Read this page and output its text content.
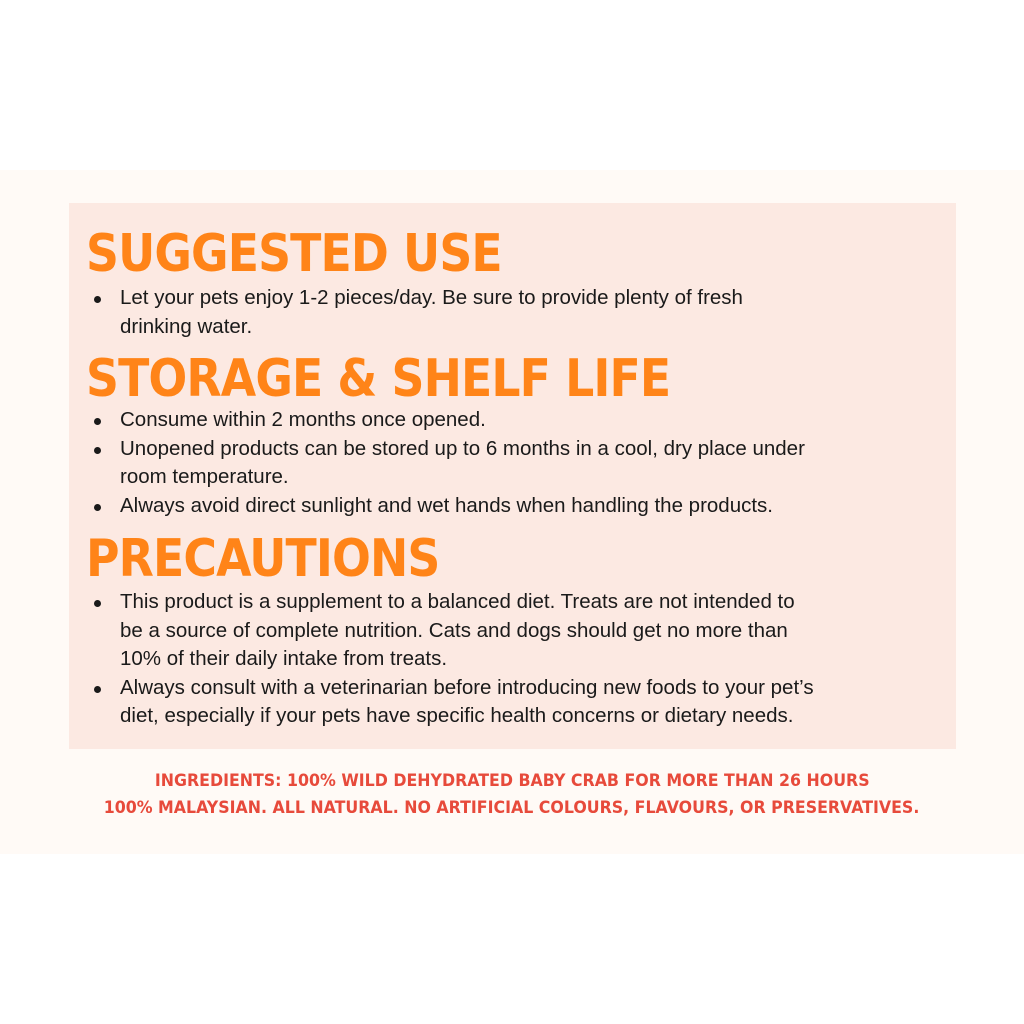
SUGGESTED USE
Let your pets enjoy 1-2 pieces/day. Be sure to provide plenty of fresh
drinking water.
STORAGE & SHELF LIFE
Consume within 2 months once opened.
Unopened products can be stored up to 6 months in a cool, dry place under
room temperature.
Always avoid direct sunlight and wet hands when handling the products.
PRECAUTIONS
This product is a supplement to a balanced diet. Treats are not intended to
be a source of complete nutrition. Cats and dogs should get no more than
10% of their daily intake from treats.
Always consult with a veterinarian before introducing new foods to your pet’s
diet, especially if your pets have specific health concerns or dietary needs.

INGREDIENTS: 100% WILD DEHYDRATED BABY CRAB FOR MORE THAN 26 HOURS

100% MALAYSIAN. ALL NATURAL. NO ARTIFICIAL COLOURS, FLAVOURS, OR PRESERVATIVES.
